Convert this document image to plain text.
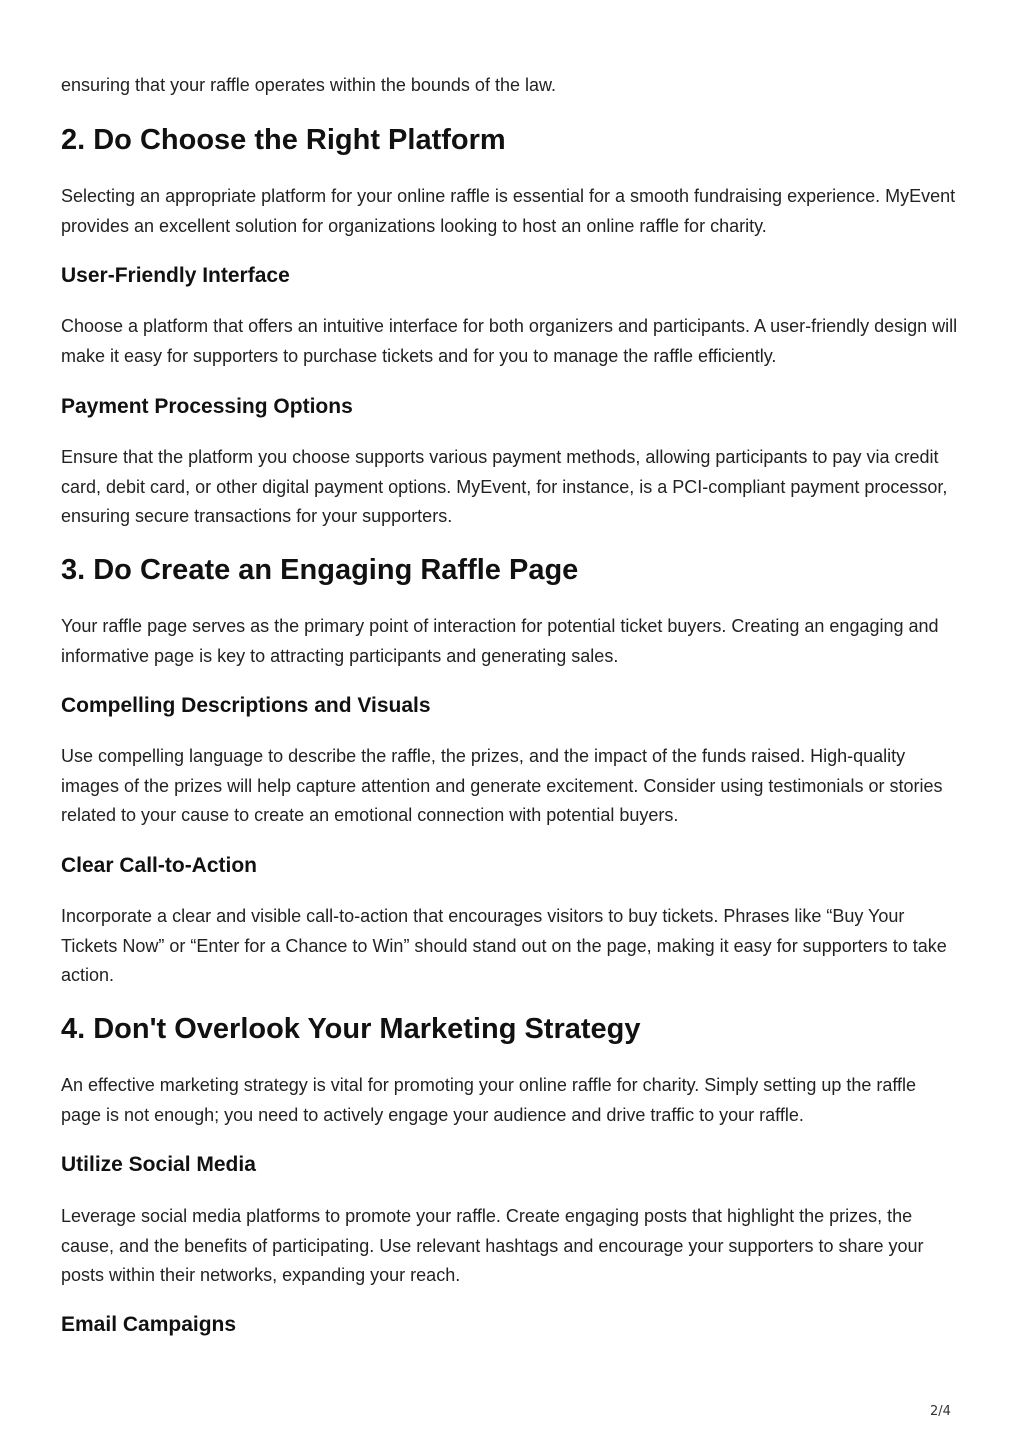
ensuring that your raffle operates within the bounds of the law.

2. Do Choose the Right Platform

Selecting an appropriate platform for your online raffle is essential for a smooth fundraising experience. MyEvent provides an excellent solution for organizations looking to host an online raffle for charity.

User-Friendly Interface

Choose a platform that offers an intuitive interface for both organizers and participants. A user-friendly design will make it easy for supporters to purchase tickets and for you to manage the raffle efficiently.

Payment Processing Options

Ensure that the platform you choose supports various payment methods, allowing participants to pay via credit card, debit card, or other digital payment options. MyEvent, for instance, is a PCI-compliant payment processor, ensuring secure transactions for your supporters.

3. Do Create an Engaging Raffle Page

Your raffle page serves as the primary point of interaction for potential ticket buyers. Creating an engaging and informative page is key to attracting participants and generating sales.

Compelling Descriptions and Visuals

Use compelling language to describe the raffle, the prizes, and the impact of the funds raised. High-quality images of the prizes will help capture attention and generate excitement. Consider using testimonials or stories related to your cause to create an emotional connection with potential buyers.

Clear Call-to-Action

Incorporate a clear and visible call-to-action that encourages visitors to buy tickets. Phrases like “Buy Your Tickets Now” or “Enter for a Chance to Win” should stand out on the page, making it easy for supporters to take action.

4. Don't Overlook Your Marketing Strategy

An effective marketing strategy is vital for promoting your online raffle for charity. Simply setting up the raffle page is not enough; you need to actively engage your audience and drive traffic to your raffle.

Utilize Social Media

Leverage social media platforms to promote your raffle. Create engaging posts that highlight the prizes, the cause, and the benefits of participating. Use relevant hashtags and encourage your supporters to share your posts within their networks, expanding your reach.

Email Campaigns
2/4
